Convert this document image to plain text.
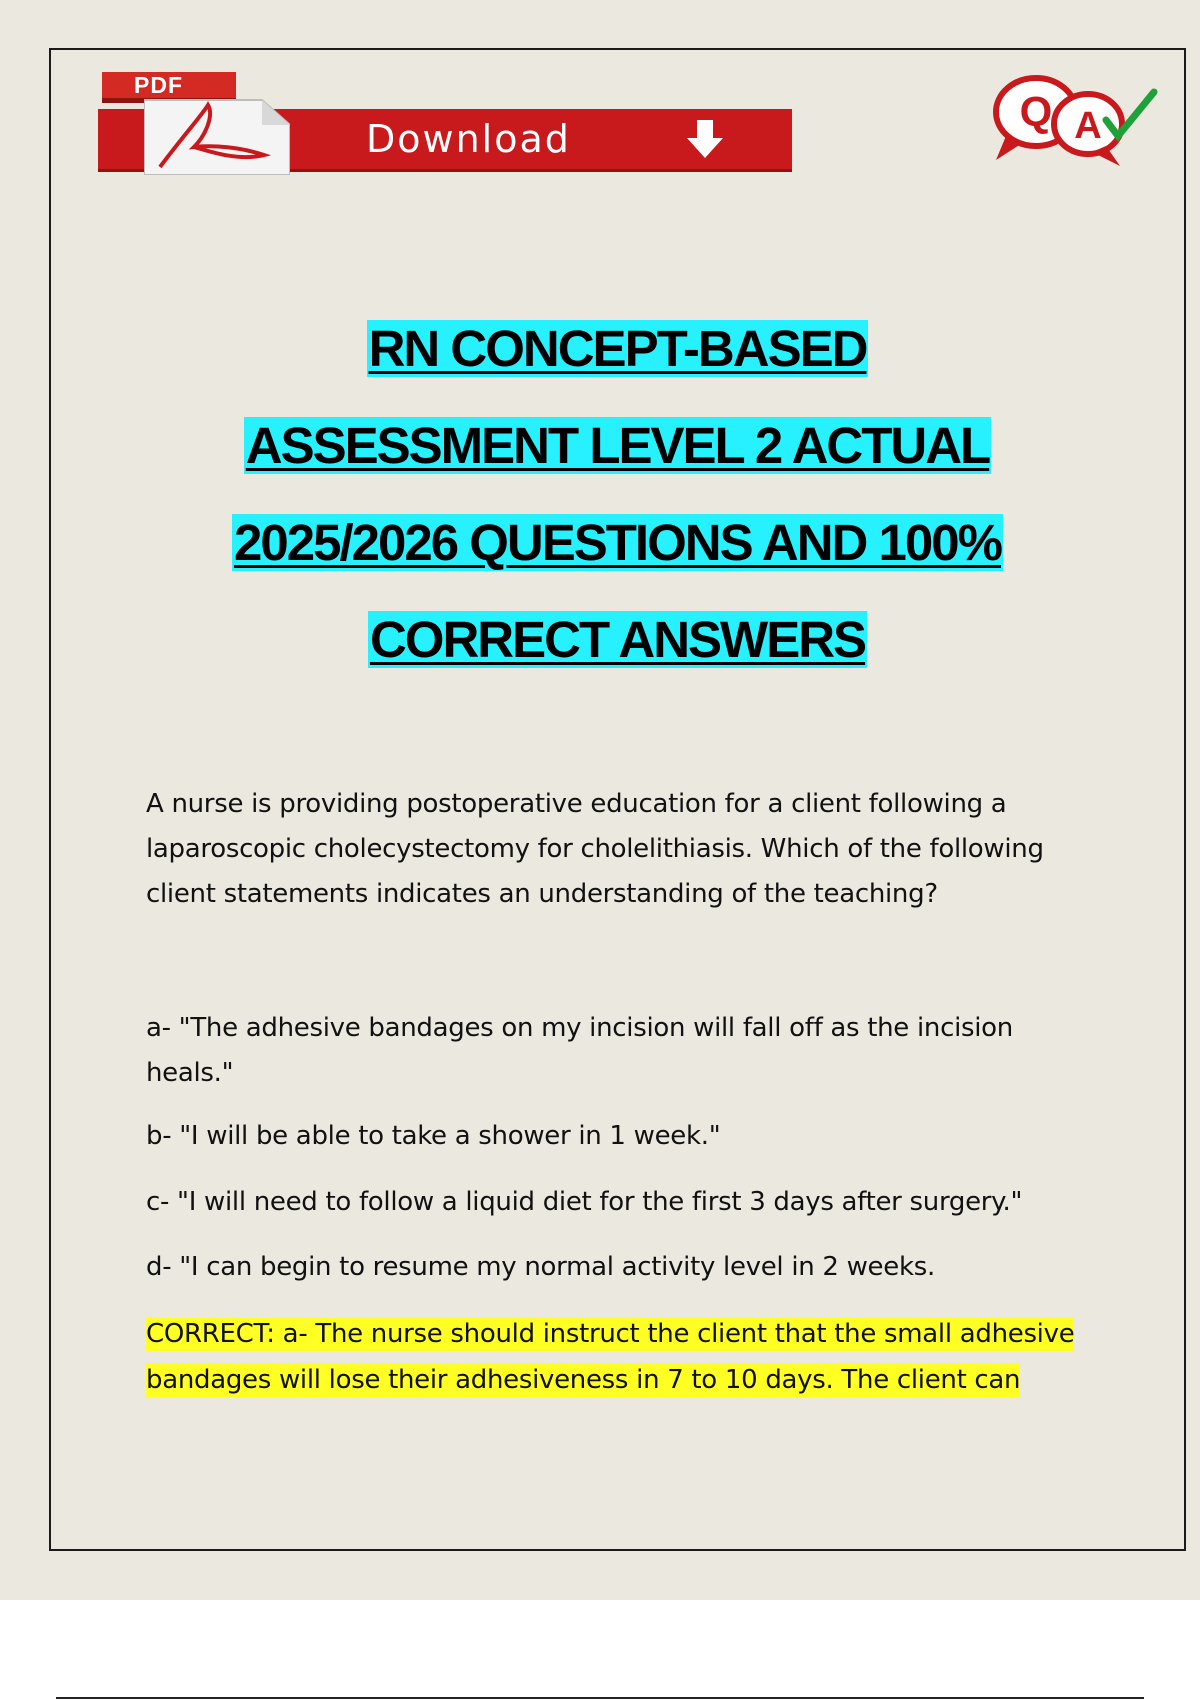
Download
PDF
Q A
RN CONCEPT-BASED
ASSESSMENT LEVEL 2 ACTUAL
2025/2026 QUESTIONS AND 100%
CORRECT ANSWERS
A nurse is providing postoperative education for a client following a
laparoscopic cholecystectomy for cholelithiasis. Which of the following
client statements indicates an understanding of the teaching?
a- "The adhesive bandages on my incision will fall off as the incision
heals."
b- "I will be able to take a shower in 1 week."
c- "I will need to follow a liquid diet for the first 3 days after surgery."
d- "I can begin to resume my normal activity level in 2 weeks.
CORRECT: a- The nurse should instruct the client that the small adhesive
bandages will lose their adhesiveness in 7 to 10 days. The client can
